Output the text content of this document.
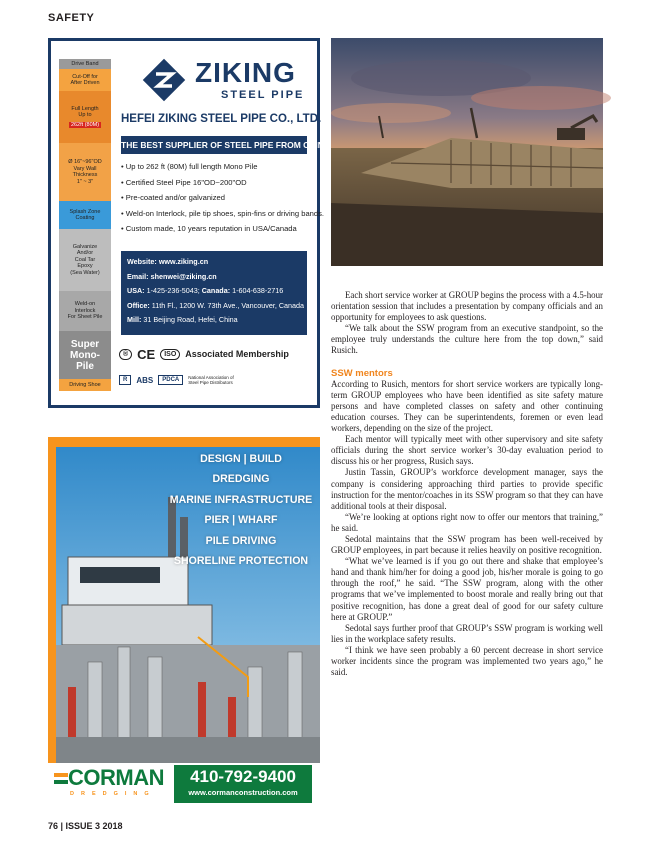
SAFETY
Drive Band
Cut-Off for
After Driven
Full Length
Up to
262ft (80M)
Ø 16"~96"OD
Vary Wall
Thickness
1" ~ 3"
Splash Zone
Coating
Galvanize
And/or
Coal Tar
Epoxy
(Sea Water)
Weld-on
Interlock
For Sheet Pile
Super
Mono-
Pile
Driving Shoe
ZIKING
STEEL PIPE
HEFEI ZIKING STEEL PIPE CO., LTD.
THE BEST SUPPLIER OF STEEL PIPE FROM CHINA
• Up to 262 ft (80M) full length Mono Pile
• Certified Steel Pipe 16"OD~200"OD
• Pre-coated and/or galvanized
• Weld-on Interlock, pile tip shoes, spin-fins or driving bands.
• Custom made, 10 years reputation in USA/Canada
Website: www.ziking.cn
Email: shenwei@ziking.cn
USA: 1-425-236-5043; Canada: 1-604-638-2716
Office: 11th Fl., 1200 W. 73th Ave., Vancouver, Canada
Mill: 31 Beijing Road, Hefei, China
® CE	ISO	Associated Membership
R	ABS	PDCA	National Association of Steel Pipe Distributors

Each short service worker at GROUP begins the process with a 4.5-hour orientation session that includes a presentation by company officials and an opportunity for employees to ask questions.

“We talk about the SSW program from an executive standpoint, so the employee truly understands the culture here from the top down,” said Rusich.

SSW mentors

According to Rusich, mentors for short service workers are typically long-term GROUP employees who have been identified as site safety mature persons and have completed classes on safety and other continuing education courses. They can be superintendents, foremen or even lead workers, depending on the size of the project.

Each mentor will typically meet with other supervisory and site safety officials during the short service worker’s 30-day evaluation period to discuss his or her progress, Rusich says.

Justin Tassin, GROUP’s workforce development manager, says the company is considering approaching third parties to provide specific instruction for the mentor/coaches in its SSW program so that they can have additional tools at their disposal.

“We’re looking at options right now to offer our mentors that training,” he said.

Sedotal maintains that the SSW program has been well-received by GROUP employees, in part because it relies heavily on positive recognition.

“What we’ve learned is if you go out there and shake that employee’s hand and thank him/her for doing a good job, his/her morale is going to go through the roof,” he said. “The SSW program, along with the other programs that we’ve implemented to boost morale and really bring out that positive recognition, has done a great deal of good for our safety culture here at GROUP.”

Sedotal says further proof that GROUP’s SSW program is working well lies in the workplace safety results.

“I think we have seen probably a 60 percent decrease in short service worker incidents since the program was implemented two years ago,” he said.

DESIGN | BUILD
DREDGING
MARINE INFRASTRUCTURE
PIER | WHARF
PILE DRIVING
SHORELINE PROTECTION
CORMAN
DREDGING
410-792-9400
www.cormanconstruction.com
76 | ISSUE 3 2018
